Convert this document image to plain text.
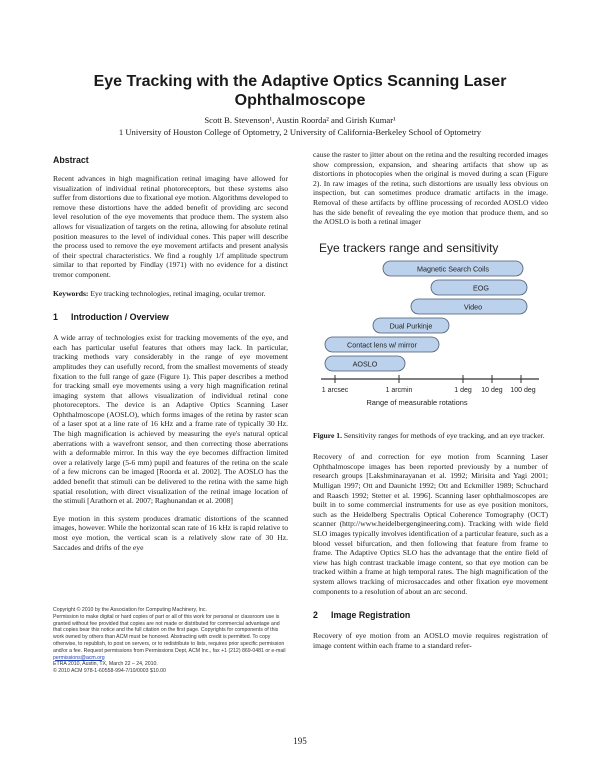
Eye Tracking with the Adaptive Optics Scanning Laser Ophthalmoscope
Scott B. Stevenson¹, Austin Roorda² and Girish Kumar¹
1 University of Houston College of Optometry, 2 University of California-Berkeley School of Optometry
Abstract

Recent advances in high magnification retinal imaging have allowed for visualization of individual retinal photoreceptors, but these systems also suffer from distortions due to fixational eye motion. Algorithms developed to remove these distortions have the added benefit of providing arc second level resolution of the eye movements that produce them. The system also allows for visualization of targets on the retina, allowing for absolute retinal position measures to the level of individual cones. This paper will describe the process used to remove the eye movement artifacts and present analysis of their spectral characteristics. We find a roughly 1/f amplitude spectrum similar to that reported by Findlay (1971) with no evidence for a distinct tremor component.

Keywords: Eye tracking technologies, retinal imaging, ocular tremor.

1 Introduction / Overview

A wide array of technologies exist for tracking movements of the eye, and each has particular useful features that others may lack. In particular, tracking methods vary considerably in the range of eye movement amplitudes they can usefully record, from the smallest movements of steady fixation to the full range of gaze (Figure 1). This paper describes a method for tracking small eye movements using a very high magnification retinal imaging system that allows visualization of individual retinal cone photoreceptors. The device is an Adaptive Optics Scanning Laser Ophthalmoscope (AOSLO), which forms images of the retina by raster scan of a laser spot at a line rate of 16 kHz and a frame rate of typically 30 Hz. The high magnification is achieved by measuring the eye's natural optical aberrations with a wavefront sensor, and then correcting those aberrations with a deformable mirror. In this way the eye becomes diffraction limited over a relatively large (5-6 mm) pupil and features of the retina on the scale of a few microns can be imaged [Roorda et al. 2002]. The AOSLO has the added benefit that stimuli can be delivered to the retina with the same high spatial resolution, with direct visualization of the retinal image location of the stimuli [Arathorn et al. 2007; Raghunandan et al. 2008]

Eye motion in this system produces dramatic distortions of the scanned images, however. While the horizontal scan rate of 16 kHz is rapid relative to most eye motion, the vertical scan is a relatively slow rate of 30 Hz. Saccades and drifts of the eye

cause the raster to jitter about on the retina and the resulting recorded images show compression, expansion, and shearing artifacts that show up as distortions in photocopies when the original is moved during a scan (Figure 2). In raw images of the retina, such distortions are usually less obvious on inspection, but can sometimes produce dramatic artifacts in the image. Removal of these artifacts by offline processing of recorded AOSLO video has the side benefit of revealing the eye motion that produce them, and so the AOSLO is both a retinal imager

Eye trackers range and sensitivity
Magnetic Search Coils
EOG
Video
Dual Purkinje
Contact lens w/ mirror
AOSLO
1 arcsec	1 arcmin	1 deg 10 deg 100 deg
Range of measurable rotations

Figure 1. Sensitivity ranges for methods of eye tracking, and an eye tracker.

Recovery of and correction for eye motion from Scanning Laser Ophthalmoscope images has been reported previously by a number of research groups [Lakshminarayanan et al. 1992; Mirisita and Yagi 2001; Mulligan 1997; Ott and Daunicht 1992; Ott and Eckmiller 1989; Schuchard and Raasch 1992; Stetter et al. 1996]. Scanning laser ophthalmoscopes are built in to some commercial instruments for use as eye position monitors, such as the Heidelberg Spectralis Optical Coherence Tomography (OCT) scanner (http://www.heidelbergengineering.com). Tracking with wide field SLO images typically involves identification of a particular feature, such as a blood vessel bifurcation, and then following that feature from frame to frame. The Adaptive Optics SLO has the advantage that the entire field of view has high contrast trackable image content, so that eye motion can be tracked within a frame at high temporal rates. The high magnification of the system allows tracking of microsaccades and other fixation eye movement components to a resolution of about an arc second.

2 Image Registration

Recovery of eye motion from an AOSLO movie requires registration of image content within each frame to a standard refer-

Copyright © 2010 by the Association for Computing Machinery, Inc.
Permission to make digital or hard copies of part or all of this work for personal or classroom use is granted without fee provided that copies are not made or distributed for commercial advantage and that copies bear this notice and the full citation on the first page. Copyrights for components of this work owned by others than ACM must be honored. Abstracting with credit is permitted. To copy otherwise, to republish, to post on servers, or to redistribute to lists, requires prior specific permission and/or a fee. Request permissions from Permissions Dept, ACM Inc., fax +1 (212) 869-0481 or e-mail permissions@acm.org
ETRA 2010, Austin, TX, March 22 – 24, 2010.
© 2010 ACM 978-1-60558-994-7/10/0003 $10.00
195
